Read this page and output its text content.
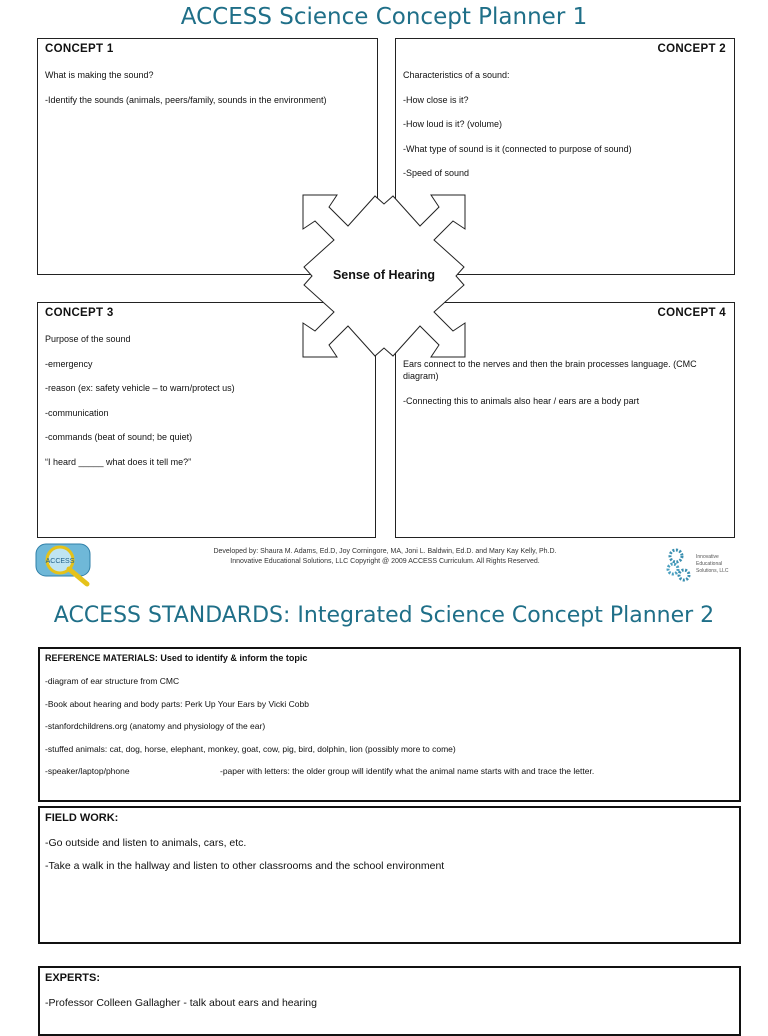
ACCESS Science Concept Planner 1
CONCEPT 1

What is making the sound?

-Identify the sounds (animals, peers/family, sounds in the environment)

CONCEPT 2

Characteristics of a sound:

-How close is it?

-How loud is it? (volume)

-What type of sound is it (connected to purpose of sound)

-Speed of sound

CONCEPT 3

Purpose of the sound

-emergency

-reason (ex: safety vehicle – to warn/protect us)

-communication

-commands (beat of sound; be quiet)

“I heard _____ what does it tell me?”

CONCEPT 4

Ears connect to the nerves and then the brain processes language. (CMC diagram)

-Connecting this to animals also hear / ears are a body part

Sense of Hearing
ACCESS
Developed by: Shaura M. Adams, Ed.D, Joy Corningore, MA, Joni L. Baldwin, Ed.D. and Mary Kay Kelly, Ph.D.
Innovative Educational Solutions, LLC Copyright @ 2009 ACCESS Curriculum. All Rights Reserved.
Innovative
Educational
Solutions, LLC
ACCESS STANDARDS: Integrated Science Concept Planner 2
REFERENCE MATERIALS: Used to identify & inform the topic

-diagram of ear structure from CMC

-Book about hearing and body parts: Perk Up Your Ears by Vicki Cobb

-stanfordchildrens.org (anatomy and physiology of the ear)

-stuffed animals: cat, dog, horse, elephant, monkey, goat, cow, pig, bird, dolphin, lion (possibly more to come)

-speaker/laptop/phone	-paper with letters: the older group will identify what the animal name starts with and trace the letter.

FIELD WORK:

-Go outside and listen to animals, cars, etc.

-Take a walk in the hallway and listen to other classrooms and the school environment

EXPERTS:

-Professor Colleen Gallagher - talk about ears and hearing
